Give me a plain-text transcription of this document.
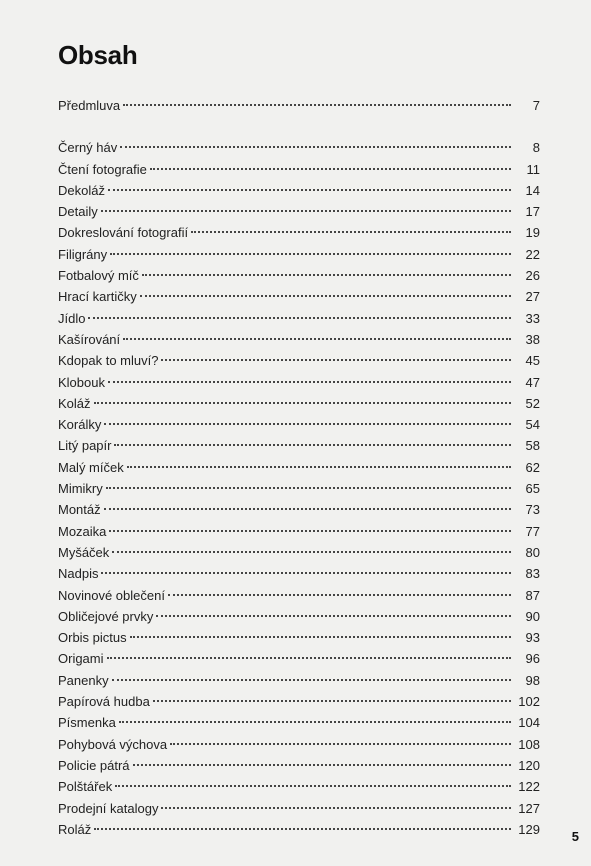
Obsah
Předmluva	7
Černý háv	8
Čtení fotografie	11
Dekoláž	14
Detaily	17
Dokreslování fotografií	19
Filigrány	22
Fotbalový míč	26
Hrací kartičky	27
Jídlo	33
Kašírování	38
Kdopak to mluví?	45
Klobouk	47
Koláž	52
Korálky	54
Litý papír	58
Malý míček	62
Mimikry	65
Montáž	73
Mozaika	77
Myšáček	80
Nadpis	83
Novinové oblečení	87
Obličejové prvky	90
Orbis pictus	93
Origami	96
Panenky	98
Papírová hudba	102
Písmenka	104
Pohybová výchova	108
Policie pátrá	120
Polštářek	122
Prodejní katalogy	127
Roláž	129 5
